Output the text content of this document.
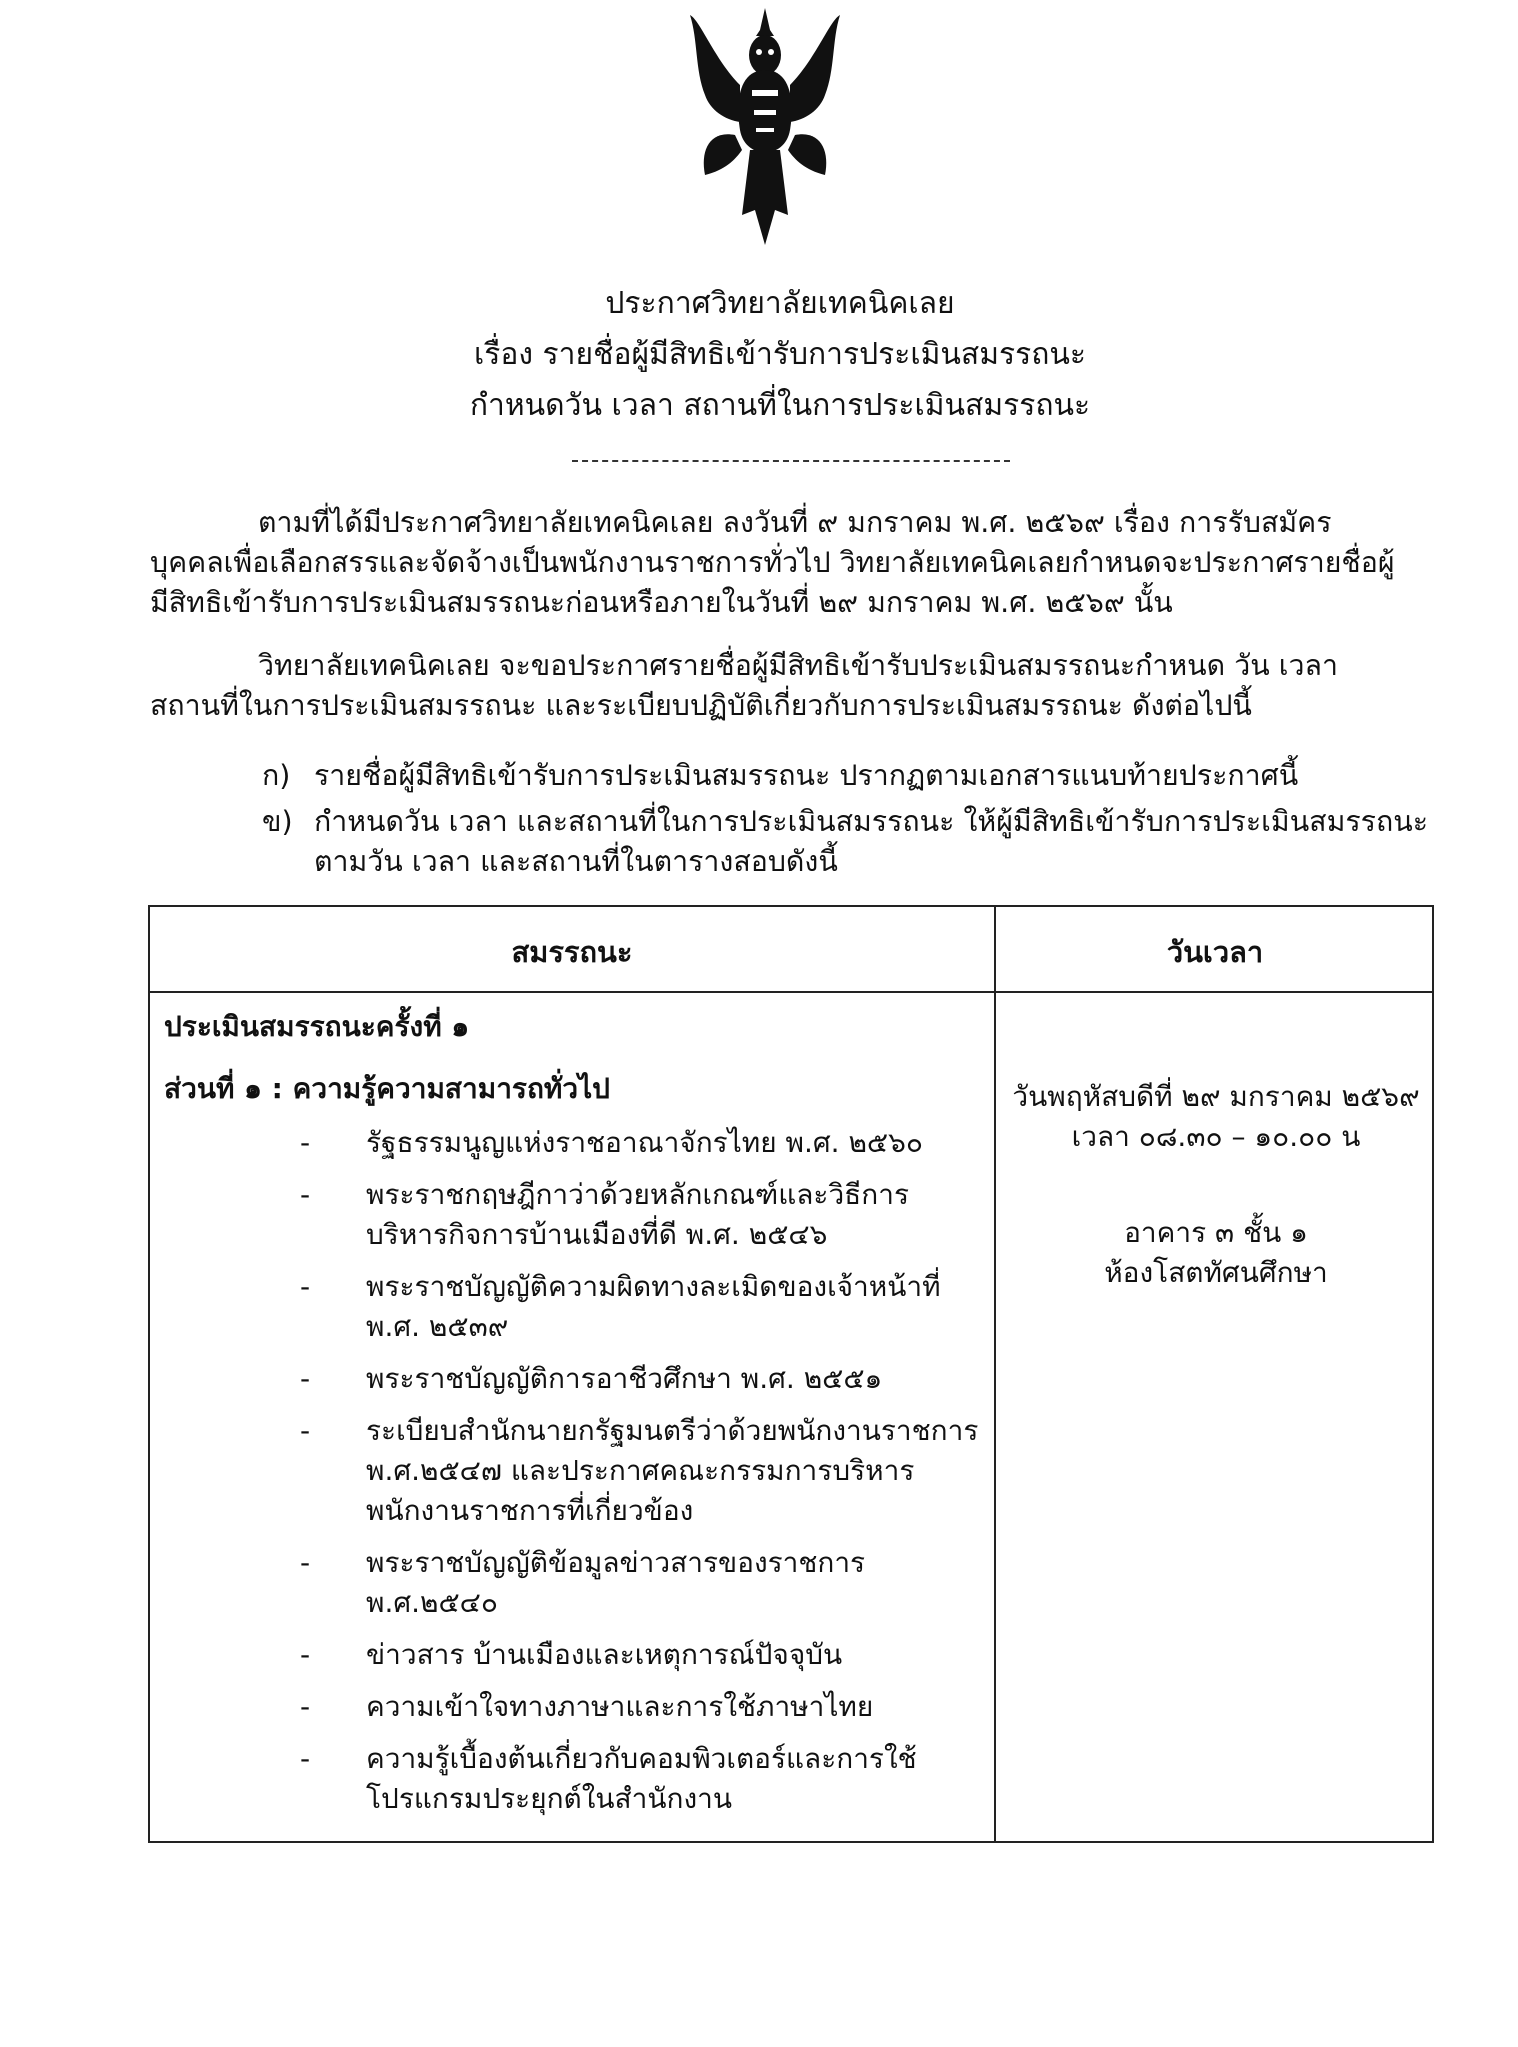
ประกาศวิทยาลัยเทคนิคเลย
เรื่อง รายชื่อผู้มีสิทธิเข้ารับการประเมินสมรรถนะ
กำหนดวัน เวลา สถานที่ในการประเมินสมรรถนะ
ตามที่ได้มีประกาศวิทยาลัยเทคนิคเลย ลงวันที่ ๙ มกราคม พ.ศ. ๒๕๖๙ เรื่อง การรับสมัครบุคคลเพื่อเลือกสรรและจัดจ้างเป็นพนักงานราชการทั่วไป วิทยาลัยเทคนิคเลยกำหนดจะประกาศรายชื่อผู้มีสิทธิเข้ารับการประเมินสมรรถนะก่อนหรือภายในวันที่ ๒๙ มกราคม พ.ศ. ๒๕๖๙ นั้น
วิทยาลัยเทคนิคเลย จะขอประกาศรายชื่อผู้มีสิทธิเข้ารับประเมินสมรรถนะกำหนด วัน เวลา สถานที่ในการประเมินสมรรถนะ และระเบียบปฏิบัติเกี่ยวกับการประเมินสมรรถนะ ดังต่อไปนี้
ก) รายชื่อผู้มีสิทธิเข้ารับการประเมินสมรรถนะ ปรากฏตามเอกสารแนบท้ายประกาศนี้
ข) กำหนดวัน เวลา และสถานที่ในการประเมินสมรรถนะ ให้ผู้มีสิทธิเข้ารับการประเมินสมรรถนะตามวัน เวลา และสถานที่ในตารางสอบดังนี้
สมรรถนะ	วันเวลา
ประเมินสมรรถนะครั้งที่ ๑
ส่วนที่ ๑ : ความรู้ความสามารถทั่วไป
- รัฐธรรมนูญแห่งราชอาณาจักรไทย พ.ศ. ๒๕๖๐
- พระราชกฤษฎีกาว่าด้วยหลักเกณฑ์และวิธีการบริหารกิจการบ้านเมืองที่ดี พ.ศ. ๒๕๔๖
- พระราชบัญญัติความผิดทางละเมิดของเจ้าหน้าที่ พ.ศ. ๒๕๓๙
- พระราชบัญญัติการอาชีวศึกษา พ.ศ. ๒๕๕๑
- ระเบียบสำนักนายกรัฐมนตรีว่าด้วยพนักงานราชการ พ.ศ.๒๕๔๗ และประกาศคณะกรรมการบริหารพนักงานราชการที่เกี่ยวข้อง
- พระราชบัญญัติข้อมูลข่าวสารของราชการ พ.ศ.๒๕๔๐
- ข่าวสาร บ้านเมืองและเหตุการณ์ปัจจุบัน
- ความเข้าใจทางภาษาและการใช้ภาษาไทย
- ความรู้เบื้องต้นเกี่ยวกับคอมพิวเตอร์และการใช้โปรแกรมประยุกต์ในสำนักงาน
วันพฤหัสบดีที่ ๒๙ มกราคม ๒๕๖๙
เวลา ๐๘.๓๐ – ๑๐.๐๐ น
อาคาร ๓ ชั้น ๑
ห้องโสตทัศนศึกษา
